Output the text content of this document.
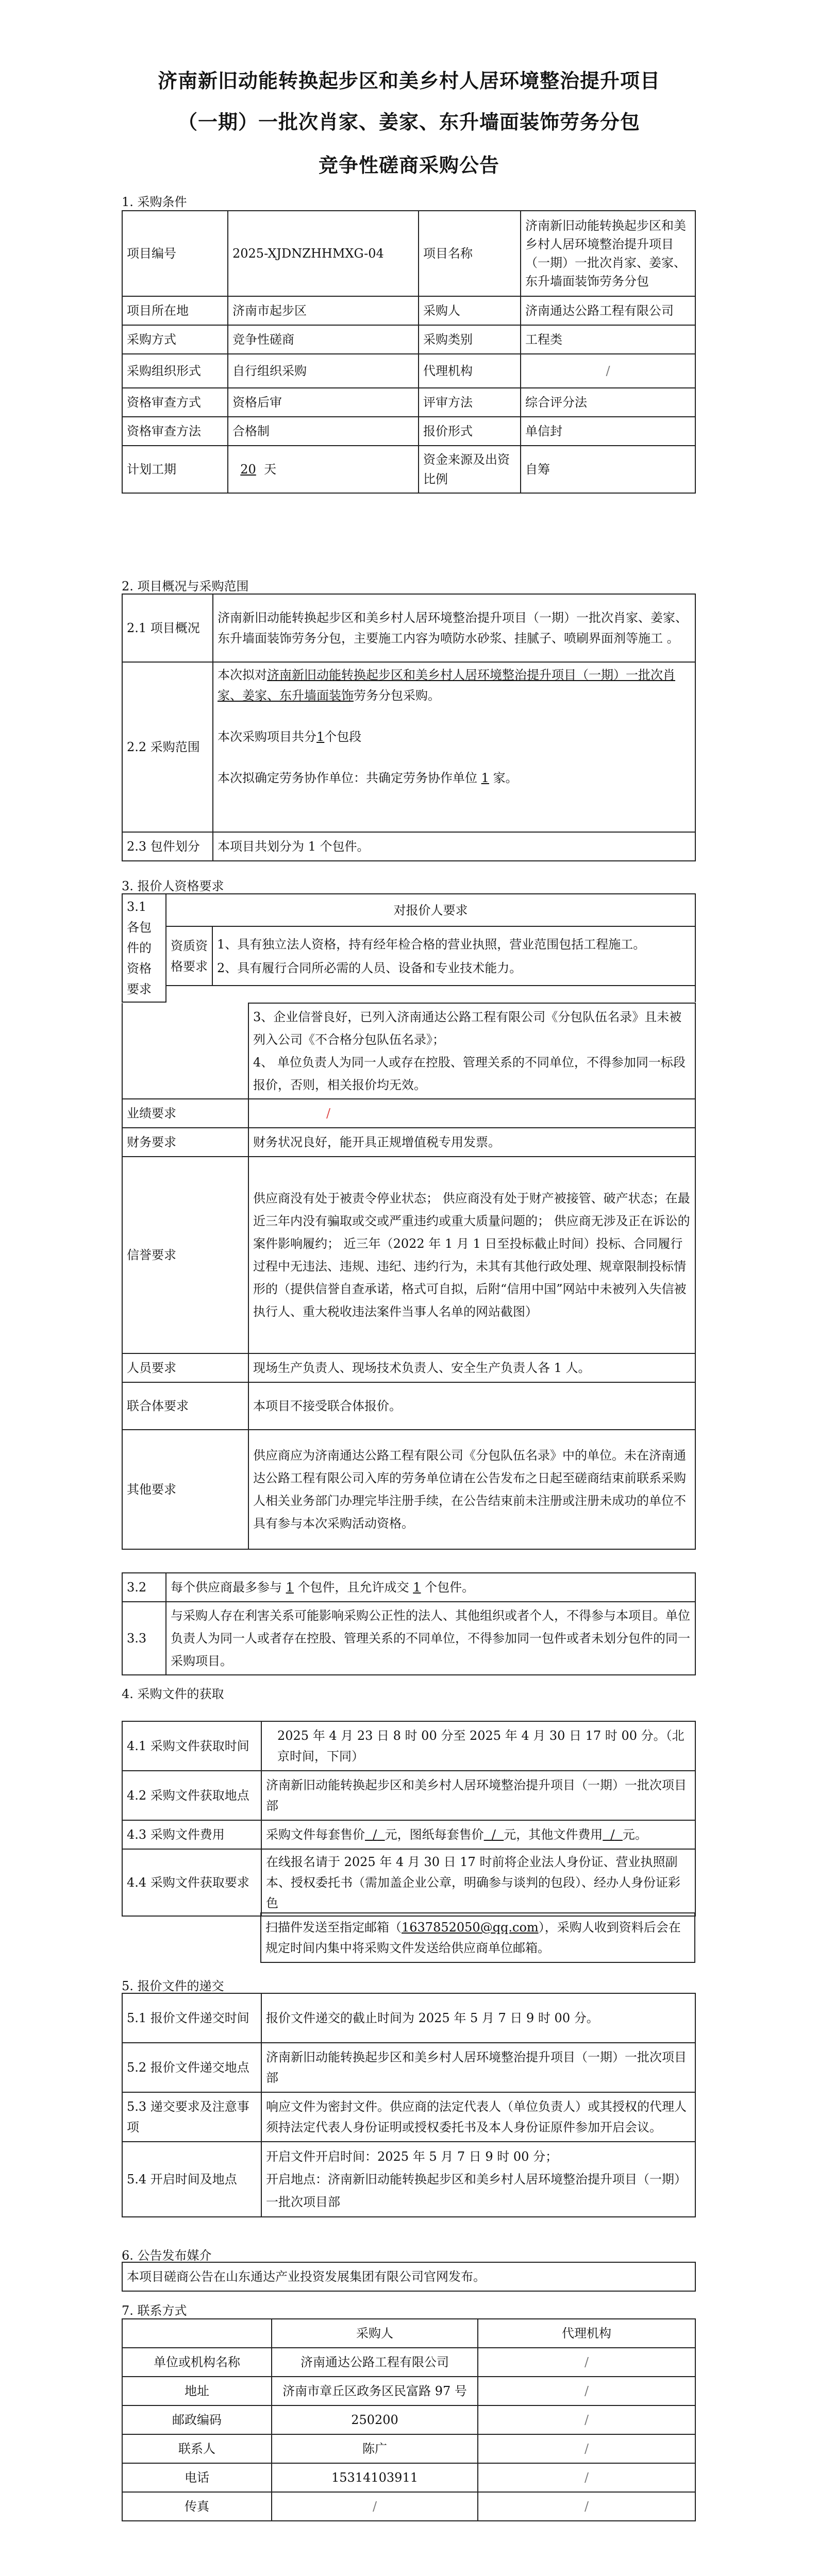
济南新旧动能转换起步区和美乡村人居环境整治提升项目
（一期）一批次肖家、姜家、东升墙面装饰劳务分包
竞争性磋商采购公告
1. 采购条件
项目编号	2025-XJDNZHHMXG-04	项目名称	济南新旧动能转换起步区和美乡村人居环境整治提升项目（一期）一批次肖家、姜家、东升墙面装饰劳务分包
项目所在地	济南市起步区	采购人	济南通达公路工程有限公司
采购方式	竞争性磋商	采购类别	工程类
采购组织形式	自行组织采购	代理机构	/
资格审查方式	资格后审	评审方法	综合评分法
资格审查方法	合格制	报价形式	单信封
计划工期	20 天	资金来源及出资比例	自筹
2. 项目概况与采购范围
2.1 项目概况	济南新旧动能转换起步区和美乡村人居环境整治提升项目（一期）一批次肖家、姜家、东升墙面装饰劳务分包，主要施工内容为喷防水砂浆、挂腻子、喷刷界面剂等施工 。
2.2 采购范围	本次拟对济南新旧动能转换起步区和美乡村人居环境整治提升项目（一期）一批次肖家、姜家、东升墙面装饰劳务分包采购。

本次采购项目共分1个包段

本次拟确定劳务协作单位：共确定劳务协作单位 1 家。

2.3 包件划分	本项目共划分为 1 个包件。
3. 报价人资格要求
3.1 各包件的资格要求	对报价人要求	
	资质资格要求	1、具有独立法人资格，持有经年检合格的营业执照，营业范围包括工程施工。

2、具有履行合同所必需的人员、设备和专业技术能力。

	3、企业信誉良好，已列入济南通达公路工程有限公司《分包队伍名录》且未被列入公司《不合格分包队伍名录》；

4、 单位负责人为同一人或存在控股、管理关系的不同单位，不得参加同一标段报价，否则，相关报价均无效。

业绩要求	/
财务要求	财务状况良好，能开具正规增值税专用发票。
信誉要求	供应商没有处于被责令停业状态； 供应商没有处于财产被接管、破产状态；在最近三年内没有骗取或交或严重违约或重大质量问题的； 供应商无涉及正在诉讼的案件影响履约； 近三年（2022 年 1 月 1 日至投标截止时间）投标、合同履行过程中无违法、违规、违纪、违约行为，未其有其他行政处理、规章限制投标情形的（提供信誉自查承诺，格式可自拟，后附“信用中国”网站中未被列入失信被执行人、重大税收违法案件当事人名单的网站截图）
人员要求	现场生产负责人、现场技术负责人、安全生产负责人各 1 人。
联合体要求	本项目不接受联合体报价。
其他要求	供应商应为济南通达公路工程有限公司《分包队伍名录》中的单位。未在济南通达公路工程有限公司入库的劳务单位请在公告发布之日起至磋商结束前联系采购人相关业务部门办理完毕注册手续，在公告结束前未注册或注册未成功的单位不具有参与本次采购活动资格。
3.2	每个供应商最多参与 1 个包件，且允许成交 1 个包件。
3.3	与采购人存在利害关系可能影响采购公正性的法人、其他组织或者个人，不得参与本项目。单位负责人为同一人或者存在控股、管理关系的不同单位，不得参加同一包件或者未划分包件的同一采购项目。
4. 采购文件的获取
4.1 采购文件获取时间	2025 年 4 月 23 日 8 时 00 分至 2025 年 4 月 30 日 17 时 00 分。（北京时间，下同）
4.2 采购文件获取地点	济南新旧动能转换起步区和美乡村人居环境整治提升项目（一期）一批次项目部
4.3 采购文件费用	采购文件每套售价 / 元，图纸每套售价 / 元，其他文件费用 / 元。
4.4 采购文件获取要求	在线报名请于 2025 年 4 月 30 日 17 时前将企业法人身份证、营业执照副本、授权委托书（需加盖企业公章，明确参与谈判的包段）、经办人身份证彩色
	扫描件发送至指定邮箱（1637852050@qq.com），采购人收到资料后会在规定时间内集中将采购文件发送给供应商单位邮箱。
5. 报价文件的递交
5.1 报价文件递交时间	报价文件递交的截止时间为 2025 年 5 月 7 日 9 时 00 分。
5.2 报价文件递交地点	济南新旧动能转换起步区和美乡村人居环境整治提升项目（一期）一批次项目部
5.3 递交要求及注意事项	响应文件为密封文件。供应商的法定代表人（单位负责人）或其授权的代理人须持法定代表人身份证明或授权委托书及本人身份证原件参加开启会议。
5.4 开启时间及地点	开启文件开启时间：2025 年 5 月 7 日 9 时 00 分；

开启地点：济南新旧动能转换起步区和美乡村人居环境整治提升项目（一期）一批次项目部

6. 公告发布媒介
本项目磋商公告在山东通达产业投资发展集团有限公司官网发布。
7. 联系方式
	采购人	代理机构
单位或机构名称	济南通达公路工程有限公司	/
地址	济南市章丘区政务区民富路 97 号	/
邮政编码	250200	/
联系人	陈广	/
电话	15314103911	/
传真	/	/
